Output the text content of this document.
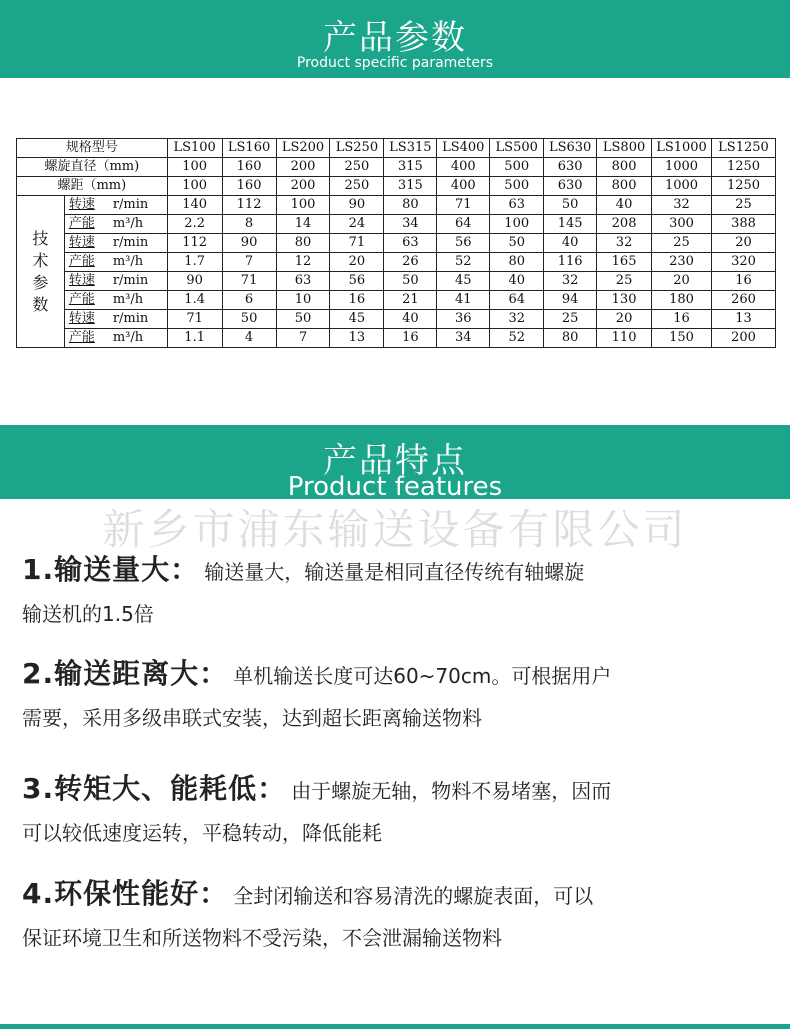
产品参数
Product specific parameters
规格型号		LS100	LS160	LS200	LS250	LS315	LS400	LS500	LS630	LS800	LS1000	LS1250
螺旋直径（mm)		100	160	200	250	315	400	500	630	800	1000	1250
螺距（mm)		100	160	200	250	315	400	500	630	800	1000	1250
技术参数	转速 r/min	140	112	100	90	80	71	63	50	40	32	25
	产能 m³/h	2.2	8	14	24	34	64	100	145	208	300	388
	转速 r/min	112	90	80	71	63	56	50	40	32	25	20
	产能 m³/h	1.7	7	12	20	26	52	80	116	165	230	320
	转速 r/min	90	71	63	56	50	45	40	32	25	20	16
	产能 m³/h	1.4	6	10	16	21	41	64	94	130	180	260
	转速 r/min	71	50	50	45	40	36	32	25	20	16	13
	产能 m³/h	1.1	4	7	13	16	34	52	80	110	150	200
产品特点
Product features
新乡市浦东输送设备有限公司
1.输送量大： 输送量大，输送量是相同直径传统有轴螺旋
输送机的1.5倍
2.输送距离大： 单机输送长度可达60~70cm。可根据用户
需要，采用多级串联式安装，达到超长距离输送物料
3.转矩大、能耗低： 由于螺旋无轴，物料不易堵塞，因而
可以较低速度运转，平稳转动，降低能耗
4.环保性能好： 全封闭输送和容易清洗的螺旋表面，可以
保证环境卫生和所送物料不受污染，不会泄漏输送物料
